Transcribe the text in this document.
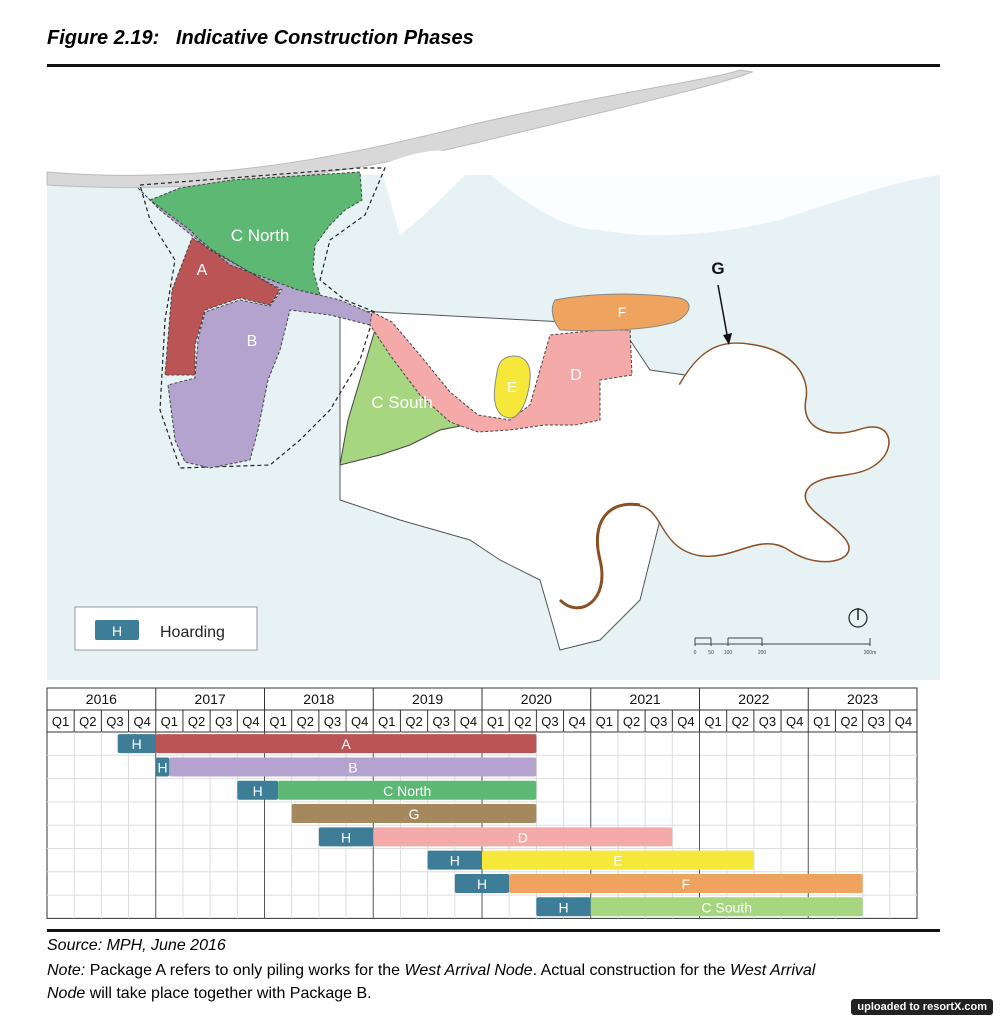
Figure 2.19:   Indicative Construction Phases
C North
A
B
C South
E
D
F
G
H Hoarding
0 50 100	200	300m
2016	2017	2018	2019	2020	2021	2022	2023
Q1 Q2 Q3 Q4 Q1 Q2 Q3 Q4 Q1 Q2 Q3 Q4 Q1 Q2 Q3 Q4 Q1 Q2 Q3 Q4 Q1 Q2 Q3 Q4 Q1 Q2 Q3 Q4 Q1 Q2 Q3 Q4
H	A
H	B
H	C North
G
H	D
H	E
H	F
H	C South
Source: MPH, June 2016
Note: Package A refers to only piling works for the West Arrival Node. Actual construction for the West Arrival
Node will take place together with Package B.
uploaded to resortX.com
